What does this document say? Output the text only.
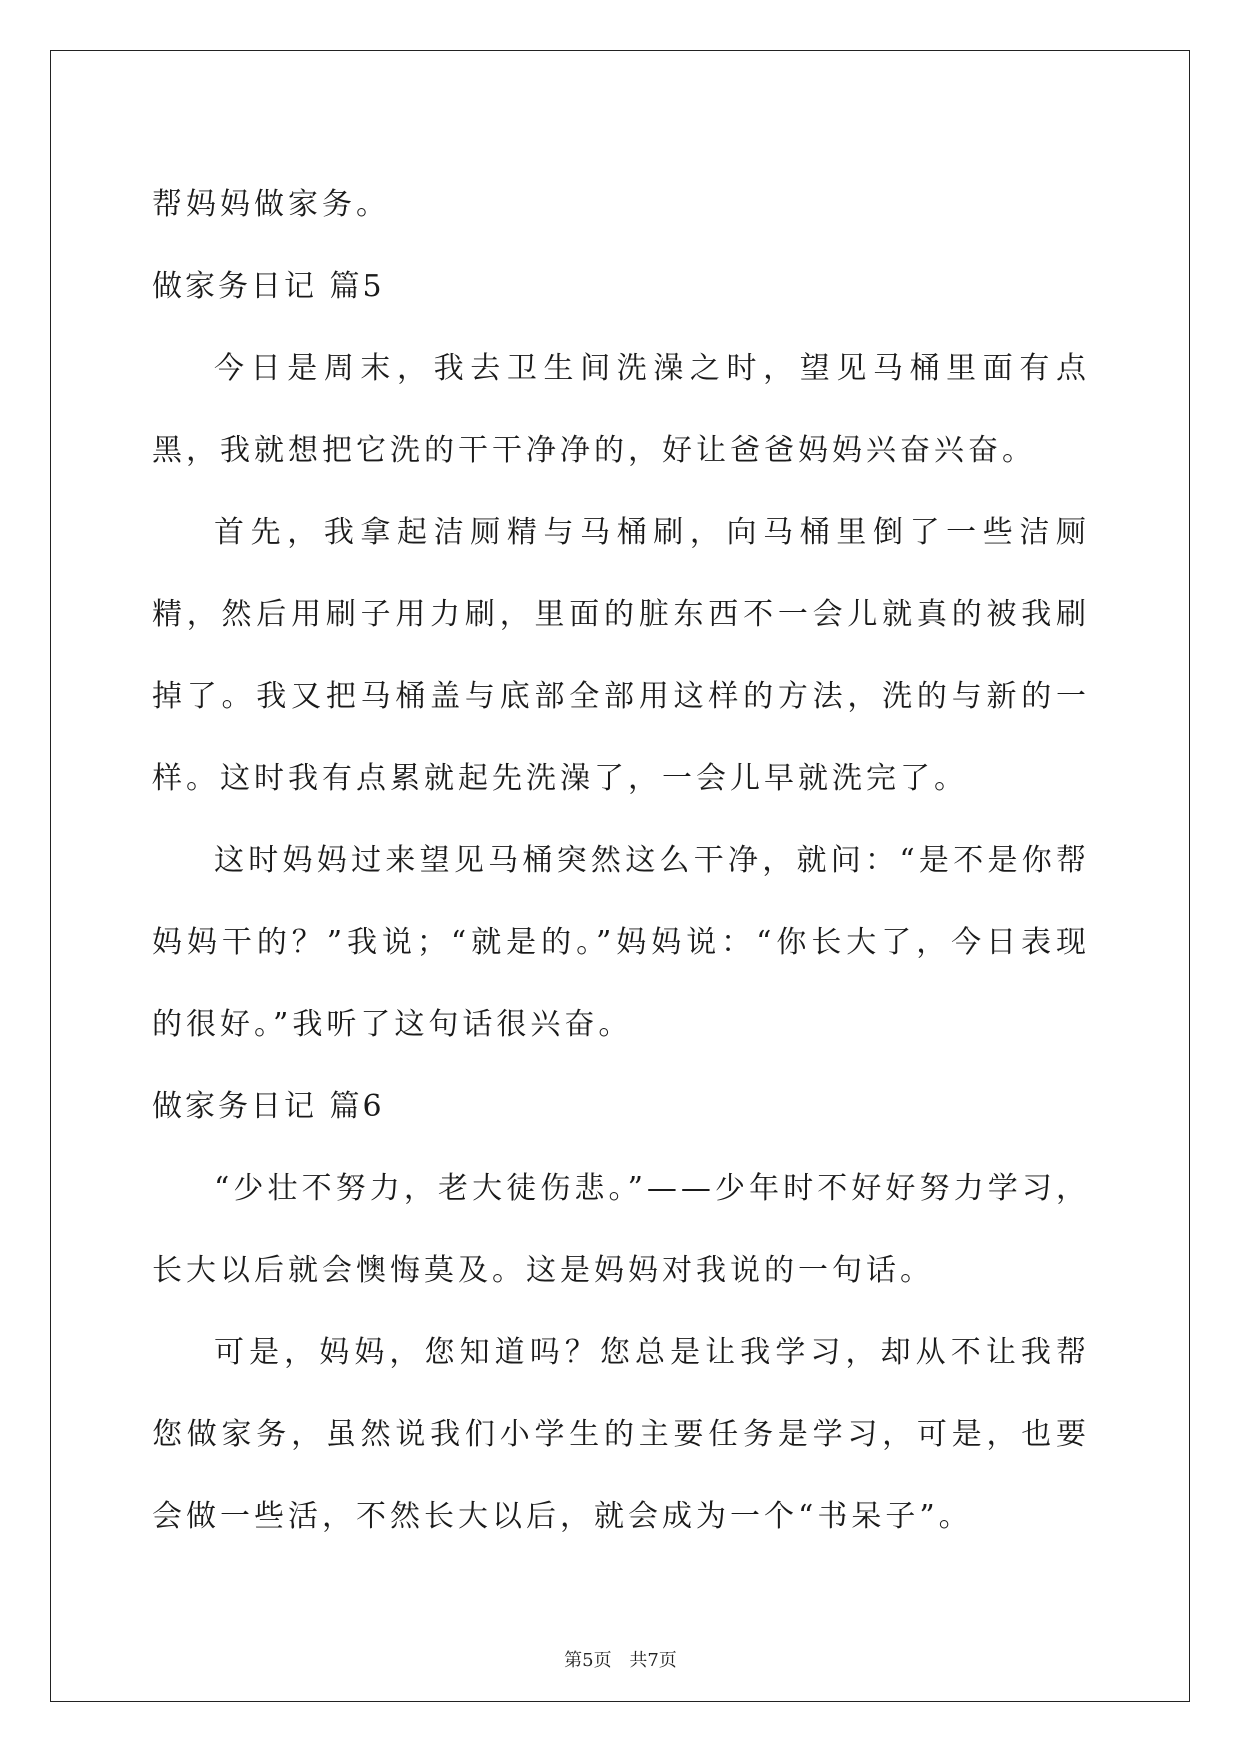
帮妈妈做家务。

做家务日记 篇5

今日是周末，我去卫生间洗澡之时，望见马桶里面有点黑，我就想把它洗的干干净净的，好让爸爸妈妈兴奋兴奋。

首先，我拿起洁厕精与马桶刷，向马桶里倒了一些洁厕精，然后用刷子用力刷，里面的脏东西不一会儿就真的被我刷掉了。我又把马桶盖与底部全部用这样的方法，洗的与新的一样。这时我有点累就起先洗澡了，一会儿早就洗完了。

这时妈妈过来望见马桶突然这么干净，就问：“是不是你帮妈妈干的？”我说；“就是的。”妈妈说：“你长大了，今日表现的很好。”我听了这句话很兴奋。

做家务日记 篇6

“少壮不努力，老大徒伤悲。”——少年时不好好努力学习，长大以后就会懊悔莫及。这是妈妈对我说的一句话。

可是，妈妈，您知道吗？您总是让我学习，却从不让我帮您做家务，虽然说我们小学生的主要任务是学习，可是，也要会做一些活，不然长大以后，就会成为一个“书呆子”。

第5页 共7页
